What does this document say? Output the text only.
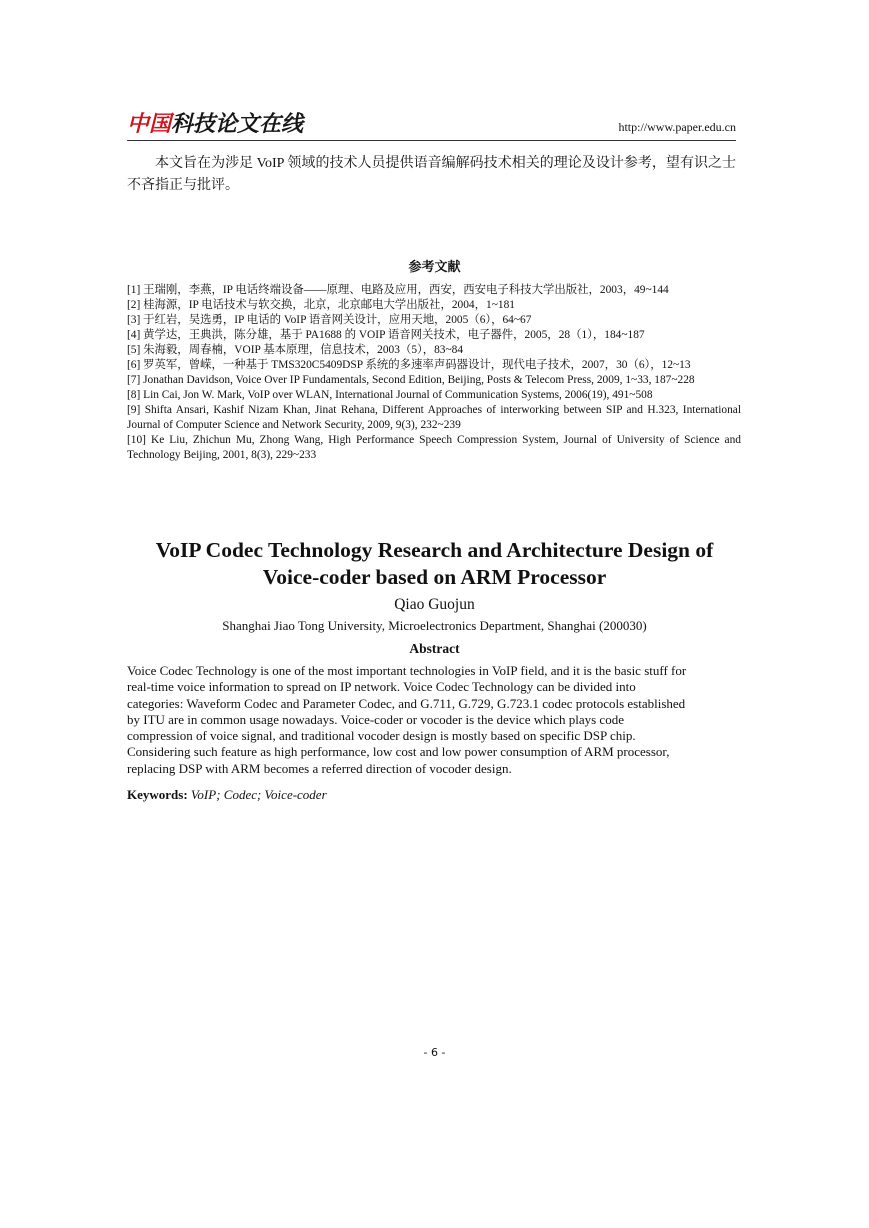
中国科技论文在线	http://www.paper.edu.cn

本文旨在为涉足 VoIP 领域的技术人员提供语音编解码技术相关的理论及设计参考，望有识之士不吝指正与批评。

参考文献
[1] 王瑞刚，李燕，IP 电话终端设备——原理、电路及应用，西安，西安电子科技大学出版社，2003，49~144
[2] 桂海源，IP 电话技术与软交换，北京，北京邮电大学出版社，2004，1~181
[3] 于红岩，吴选勇，IP 电话的 VoIP 语音网关设计，应用天地，2005（6），64~67
[4] 黄学达，王典洪，陈分雄，基于 PA1688 的 VOIP 语音网关技术，电子器件，2005，28（1），184~187
[5] 朱海毅，周春楠，VOIP 基本原理，信息技术，2003（5），83~84
[6] 罗英军，曾嵘，一种基于 TMS320C5409DSP 系统的多速率声码器设计，现代电子技术，2007，30（6），12~13
[7] Jonathan Davidson, Voice Over IP Fundamentals, Second Edition, Beijing, Posts & Telecom Press, 2009, 1~33, 187~228
[8] Lin Cai, Jon W. Mark, VoIP over WLAN, International Journal of Communication Systems, 2006(19), 491~508
[9] Shifta Ansari, Kashif Nizam Khan, Jinat Rehana, Different Approaches of interworking between SIP and H.323, International Journal of Computer Science and Network Security, 2009, 9(3), 232~239
[10] Ke Liu, Zhichun Mu, Zhong Wang, High Performance Speech Compression System, Journal of University of Science and Technology Beijing, 2001, 8(3), 229~233
VoIP Codec Technology Research and Architecture Design of
Voice-coder based on ARM Processor
Qiao Guojun
Shanghai Jiao Tong University, Microelectronics Department, Shanghai (200030)
Abstract
Voice Codec Technology is one of the most important technologies in VoIP field, and it is the basic stuff for
real-time voice information to spread on IP network. Voice Codec Technology can be divided into
categories: Waveform Codec and Parameter Codec, and G.711, G.729, G.723.1 codec protocols established
by ITU are in common usage nowadays. Voice-coder or vocoder is the device which plays code
compression of voice signal, and traditional vocoder design is mostly based on specific DSP chip.
Considering such feature as high performance, low cost and low power consumption of ARM processor,
replacing DSP with ARM becomes a referred direction of vocoder design.
Keywords: VoIP; Codec; Voice-coder
- 6 -
